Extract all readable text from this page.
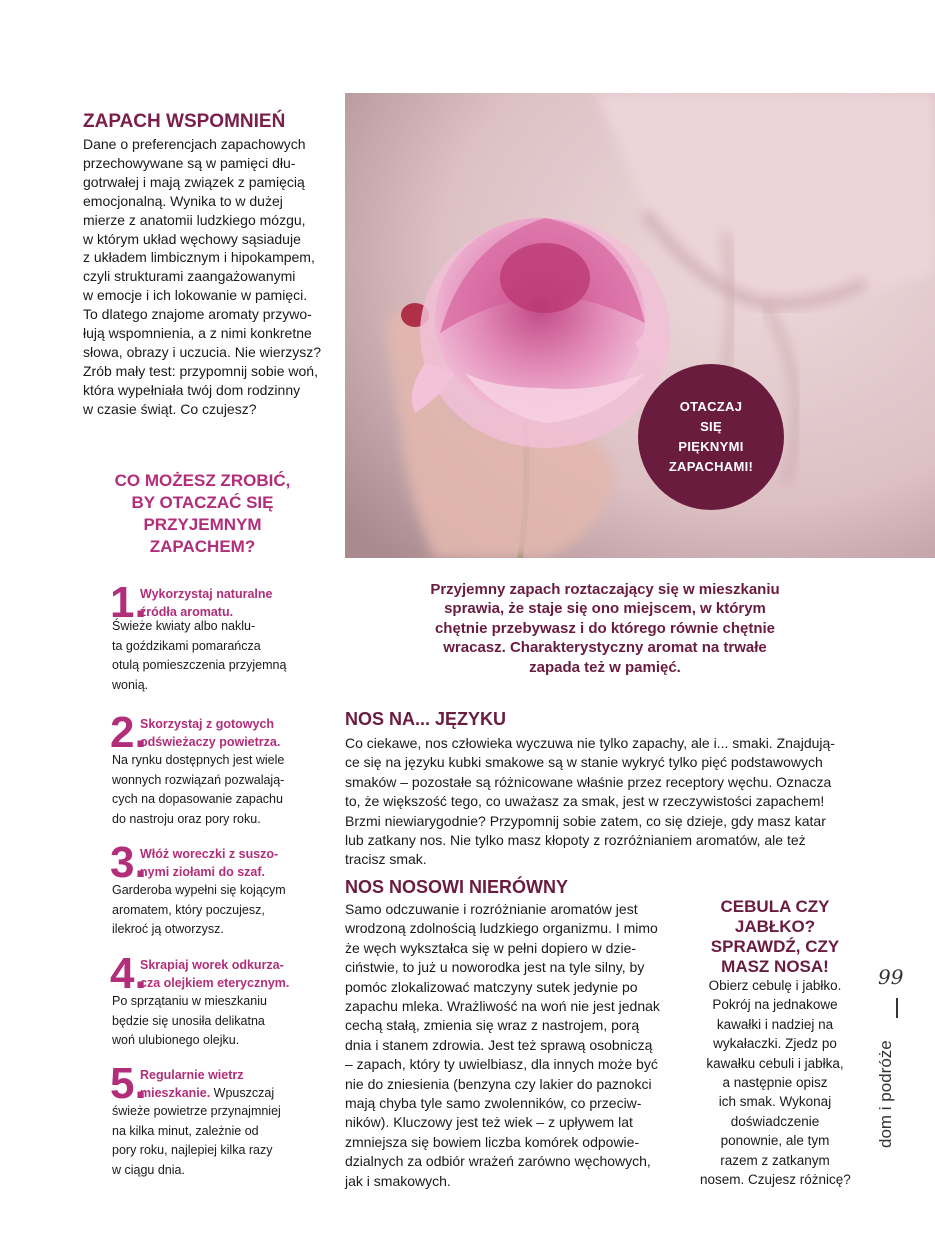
OTACZAJ
SIĘ
PIĘKNYMI
ZAPACHAMI!
ZAPACH WSPOMNIEŃ
Dane o preferencjach zapachowych
przechowywane są w pamięci dłu-
gotrwałej i mają związek z pamięcią
emocjonalną. Wynika to w dużej
mierze z anatomii ludzkiego mózgu,
w którym układ węchowy sąsiaduje
z układem limbicznym i hipokampem,
czyli strukturami zaangażowanymi
w emocje i ich lokowanie w pamięci.
To dlatego znajome aromaty przywo-
łują wspomnienia, a z nimi konkretne
słowa, obrazy i uczucia. Nie wierzysz?
Zrób mały test: przypomnij sobie woń,
która wypełniała twój dom rodzinny
w czasie świąt. Co czujesz?
CO MOŻESZ ZROBIĆ,
BY OTACZAĆ SIĘ
PRZYJEMNYM
ZAPACHEM?
1.
Wykorzystaj naturalne
źródła aromatu.
Świeże kwiaty albo naklu-
ta goździkami pomarańcza
otulą pomieszczenia przyjemną
wonią.
2.
Skorzystaj z gotowych
odświeżaczy powietrza.
Na rynku dostępnych jest wiele
wonnych rozwiązań pozwalają-
cych na dopasowanie zapachu
do nastroju oraz pory roku.
3.
Włóż woreczki z suszo-
nymi ziołami do szaf.
Garderoba wypełni się kojącym
aromatem, który poczujesz,
ilekroć ją otworzysz.
4.
Skrapiaj worek odkurza-
cza olejkiem eterycznym.
Po sprzątaniu w mieszkaniu
będzie się unosiła delikatna
woń ulubionego olejku.
5.
Regularnie wietrz
mieszkanie. Wpuszczaj
świeże powietrze przynajmniej
na kilka minut, zależnie od
pory roku, najlepiej kilka razy
w ciągu dnia.
Przyjemny zapach roztaczający się w mieszkaniu
sprawia, że staje się ono miejscem, w którym
chętnie przebywasz i do którego równie chętnie
wracasz. Charakterystyczny aromat na trwałe
zapada też w pamięć.
NOS NA... JĘZYKU
Co ciekawe, nos człowieka wyczuwa nie tylko zapachy, ale i... smaki. Znajdują-
ce się na języku kubki smakowe są w stanie wykryć tylko pięć podstawowych
smaków – pozostałe są różnicowane właśnie przez receptory węchu. Oznacza
to, że większość tego, co uważasz za smak, jest w rzeczywistości zapachem!
Brzmi niewiarygodnie? Przypomnij sobie zatem, co się dzieje, gdy masz katar
lub zatkany nos. Nie tylko masz kłopoty z rozróżnianiem aromatów, ale też
tracisz smak.
NOS NOSOWI NIERÓWNY
Samo odczuwanie i rozróżnianie aromatów jest
wrodzoną zdolnością ludzkiego organizmu. I mimo
że węch wykształca się w pełni dopiero w dzie-
ciństwie, to już u noworodka jest na tyle silny, by
pomóc zlokalizować matczyny sutek jedynie po
zapachu mleka. Wrażliwość na woń nie jest jednak
cechą stałą, zmienia się wraz z nastrojem, porą
dnia i stanem zdrowia. Jest też sprawą osobniczą
– zapach, który ty uwielbiasz, dla innych może być
nie do zniesienia (benzyna czy lakier do paznokci
mają chyba tyle samo zwolenników, co przeciw-
ników). Kluczowy jest też wiek – z upływem lat
zmniejsza się bowiem liczba komórek odpowie-
dzialnych za odbiór wrażeń zarówno węchowych,
jak i smakowych.
CEBULA CZY
JABŁKO?
SPRAWDŹ, CZY
MASZ NOSA!
Obierz cebulę i jabłko.
Pokrój na jednakowe
kawałki i nadziej na
wykałaczki. Zjedz po
kawałku cebuli i jabłka,
a następnie opisz
ich smak. Wykonaj
doświadczenie
ponownie, ale tym
razem z zatkanym
nosem. Czujesz różnicę?
99
dom i podróże
